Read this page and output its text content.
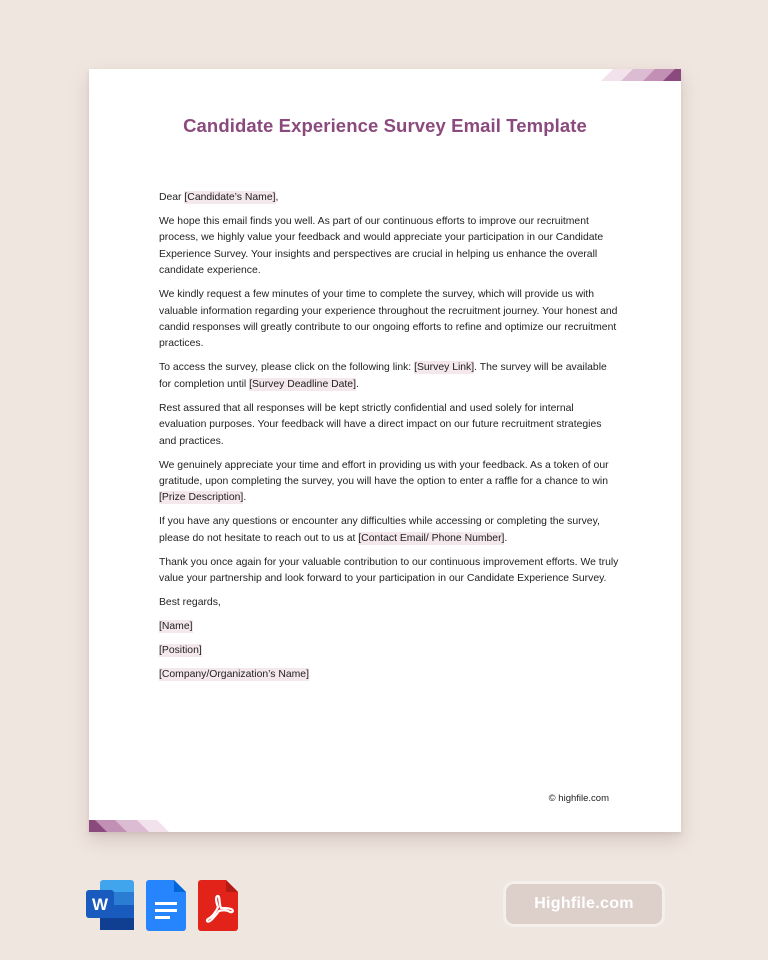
Candidate Experience Survey Email Template

Dear [Candidate’s Name],

We hope this email finds you well. As part of our continuous efforts to improve our recruitment process, we highly value your feedback and would appreciate your participation in our Candidate Experience Survey. Your insights and perspectives are crucial in helping us enhance the overall candidate experience.

We kindly request a few minutes of your time to complete the survey, which will provide us with valuable information regarding your experience throughout the recruitment journey. Your honest and candid responses will greatly contribute to our ongoing efforts to refine and optimize our recruitment practices.

To access the survey, please click on the following link: [Survey Link]. The survey will be available for completion until [Survey Deadline Date].

Rest assured that all responses will be kept strictly confidential and used solely for internal evaluation purposes. Your feedback will have a direct impact on our future recruitment strategies and practices.

We genuinely appreciate your time and effort in providing us with your feedback. As a token of our gratitude, upon completing the survey, you will have the option to enter a raffle for a chance to win [Prize Description].

If you have any questions or encounter any difficulties while accessing or completing the survey, please do not hesitate to reach out to us at [Contact Email/ Phone Number].

Thank you once again for your valuable contribution to our continuous improvement efforts. We truly value your partnership and look forward to your participation in our Candidate Experience Survey.

Best regards,

[Name]

[Position]

[Company/Organization’s Name]

© highfile.com
W	Highfile.com
